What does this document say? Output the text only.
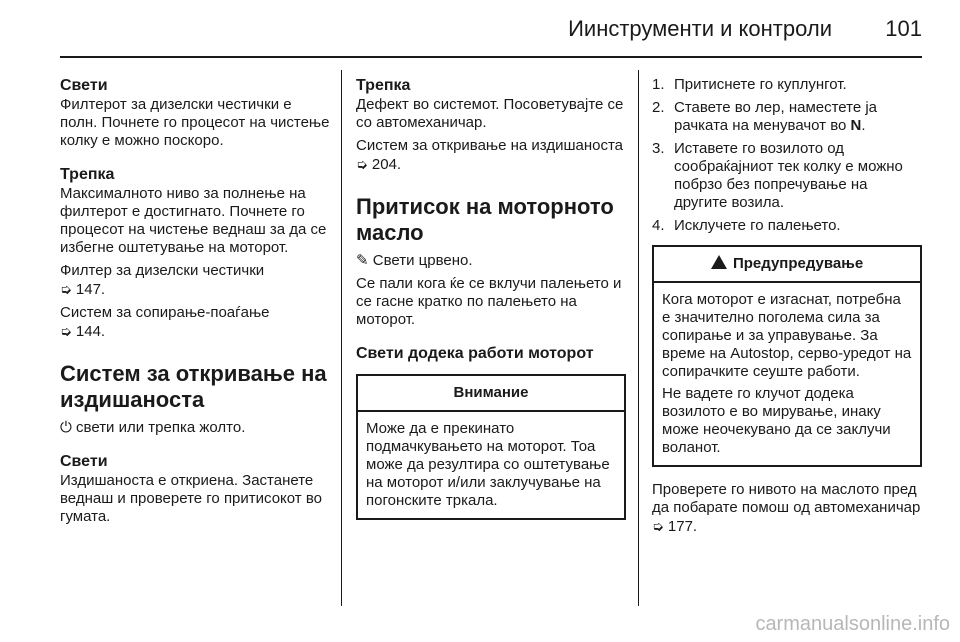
Иинструменти и контроли 101
Свети

Филтерот за дизелски честички е полн. Почнете го процесот на чистење колку е можно поскоро.

Трепка

Максималното ниво за полнење на филтерот е достигнато. Почнете го процесот на чистење веднаш за да се избегне оштетување на моторот.

Филтер за дизелски честички
➭ 147.

Систем за сопирање-поаѓање
➭ 144.

Систем за откривање на издишаноста

⏻ свети или трепка жолто.

Свети

Издишаноста е откриена. Застанете веднаш и проверете го притисокот во гумата.

Трепка

Дефект во системот. Посоветувајте се со автомеханичар.

Систем за откривање на издишаноста ➭ 204.

Притисок на моторното масло

✎ Свети црвено.

Се пали кога ќе се вклучи палењето и се гасне кратко по палењето на моторот.

Свети додека работи моторот
Внимание

Може да е прекинато подмачкувањето на моторот. Тоа може да резултира со оштетување на моторот и/или заклучување на погонските тркала.

1. Притиснете го куплунгот.
2. Ставете во лер, наместете ја рачката на менувачот во N.
3. Иставете го возилото од сообраќајниот тек колку е можно побрзо без попречување на другите возила.
4. Исклучете го палењето.
Предупредување

Кога моторот е изгаснат, потребна е значително поголема сила за сопирање и за управување. За време на Autostop, серво-уредот на сопирачките сеуште работи.

Не вадете го клучот додека возилото е во мирување, инаку може неочекувано да се заклучи воланот.

Проверете го нивото на маслото пред да побарате помош од автомеханичар ➭ 177.

carmanualsonline.info
